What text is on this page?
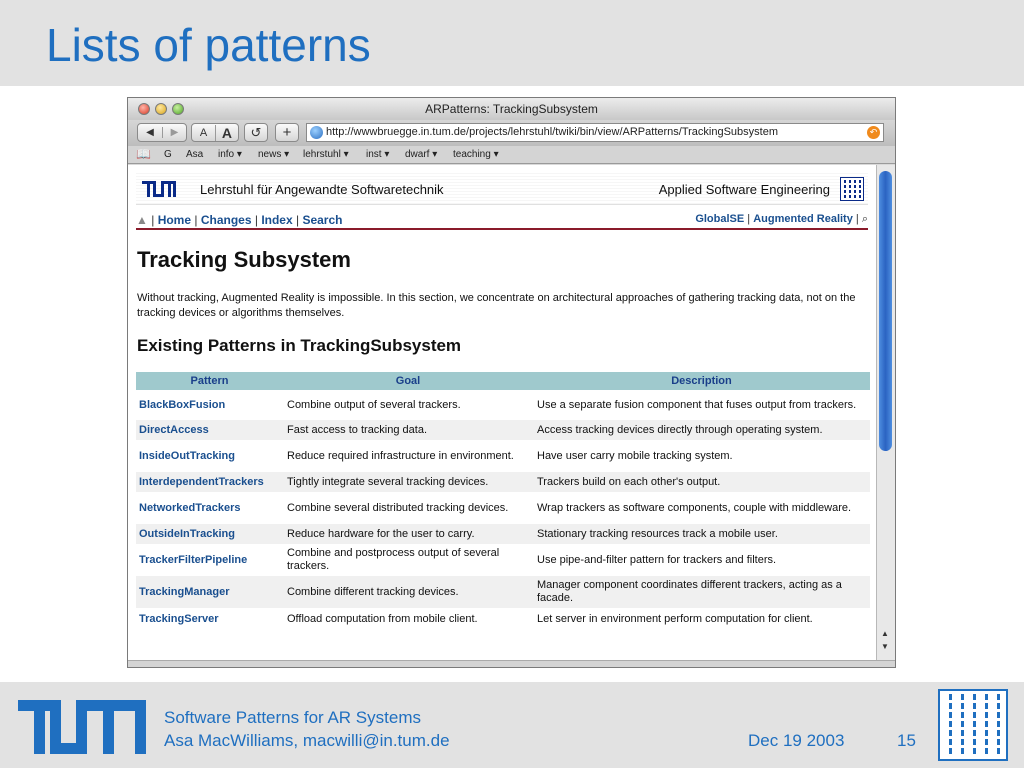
Lists of patterns
ARPatterns: TrackingSubsystem
◀	▶	A	A	↺	+	http://wwwbruegge.in.tum.de/projects/lehrstuhl/twiki/bin/view/ARPatterns/TrackingSubsystem	↶
📖 G Asa info ▾ news ▾ lehrstuhl ▾ inst ▾ dwarf ▾ teaching ▾
Lehrstuhl für Angewandte Softwaretechnik	Applied Software Engineering
▲ | Home | Changes | Index | Search	GlobalSE | Augmented Reality | ⌕
Tracking Subsystem
Without tracking, Augmented Reality is impossible. In this section, we concentrate on architectural approaches of gathering tracking data, not on the tracking devices or algorithms themselves.
Existing Patterns in TrackingSubsystem
Pattern	Goal	Description
BlackBoxFusion	Combine output of several trackers.	Use a separate fusion component that fuses output from trackers.
DirectAccess	Fast access to tracking data.	Access tracking devices directly through operating system.
InsideOutTracking	Reduce required infrastructure in environment.	Have user carry mobile tracking system.
InterdependentTrackers	Tightly integrate several tracking devices.	Trackers build on each other's output.
NetworkedTrackers	Combine several distributed tracking devices.	Wrap trackers as software components, couple with middleware.
OutsideInTracking	Reduce hardware for the user to carry.	Stationary tracking resources track a mobile user.
TrackerFilterPipeline	Combine and postprocess output of several trackers.	Use pipe-and-filter pattern for trackers and filters.
TrackingManager	Combine different tracking devices.	Manager component coordinates different trackers, acting as a facade.
TrackingServer	Offload computation from mobile client.	Let server in environment perform computation for client.
▲
▼
Software Patterns for AR Systems
Asa MacWilliams, macwilli@in.tum.de	Dec 19 2003	15
